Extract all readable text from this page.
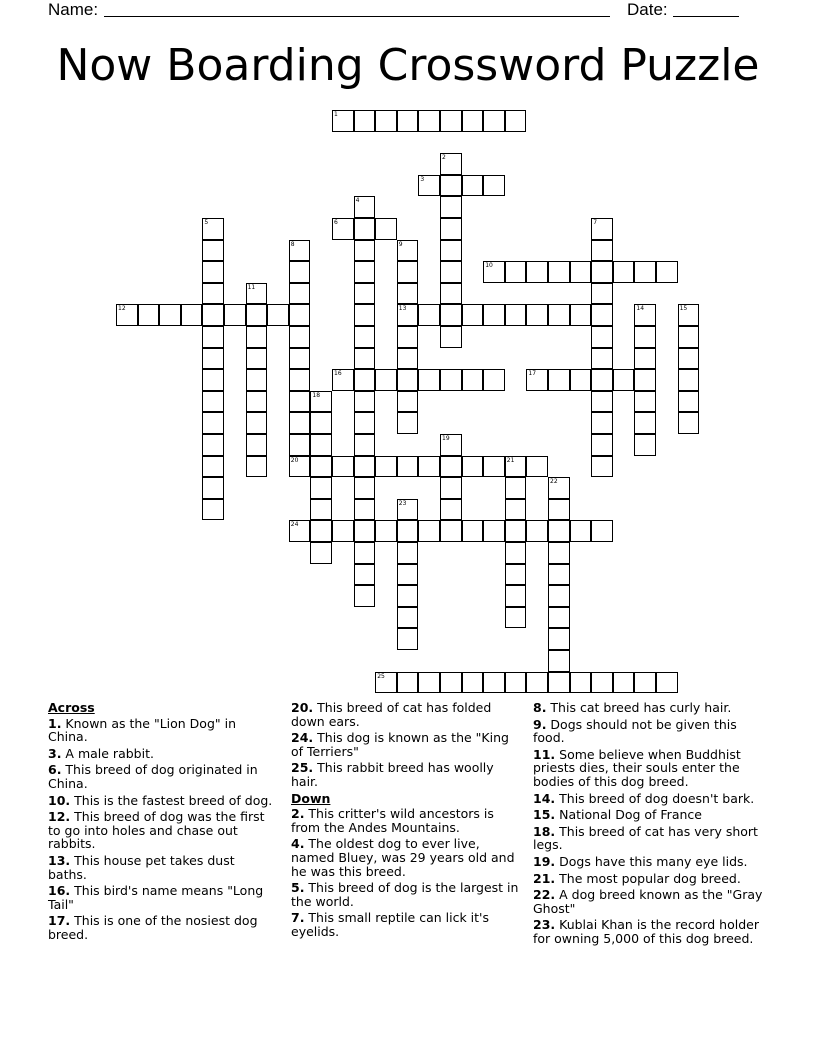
Name:	Date:
Now Boarding Crossword Puzzle
1
2
3
4
5	6	7
8	9
13
10
11
12	14	15
16	17
18
19
20	21
22
23
24
25
Across
1. Known as the "Lion Dog" in China.
3. A male rabbit.
6. This breed of dog originated in China.
10. This is the fastest breed of dog.
12. This breed of dog was the first to go into holes and chase out rabbits.
13. This house pet takes dust baths.
16. This bird's name means "Long Tail"
17. This is one of the nosiest dog breed.
20. This breed of cat has folded down ears.
24. This dog is known as the "King of Terriers"
25. This rabbit breed has woolly hair.
Down
2. This critter's wild ancestors is from the Andes Mountains.
4. The oldest dog to ever live, named Bluey, was 29 years old and he was this breed.
5. This breed of dog is the largest in the world.
7. This small reptile can lick it's eyelids.
8. This cat breed has curly hair.
9. Dogs should not be given this food.
11. Some believe when Buddhist priests dies, their souls enter the bodies of this dog breed.
14. This breed of dog doesn't bark.
15. National Dog of France
18. This breed of cat has very short legs.
19. Dogs have this many eye lids.
21. The most popular dog breed.
22. A dog breed known as the "Gray Ghost"
23. Kublai Khan is the record holder for owning 5,000 of this dog breed.
